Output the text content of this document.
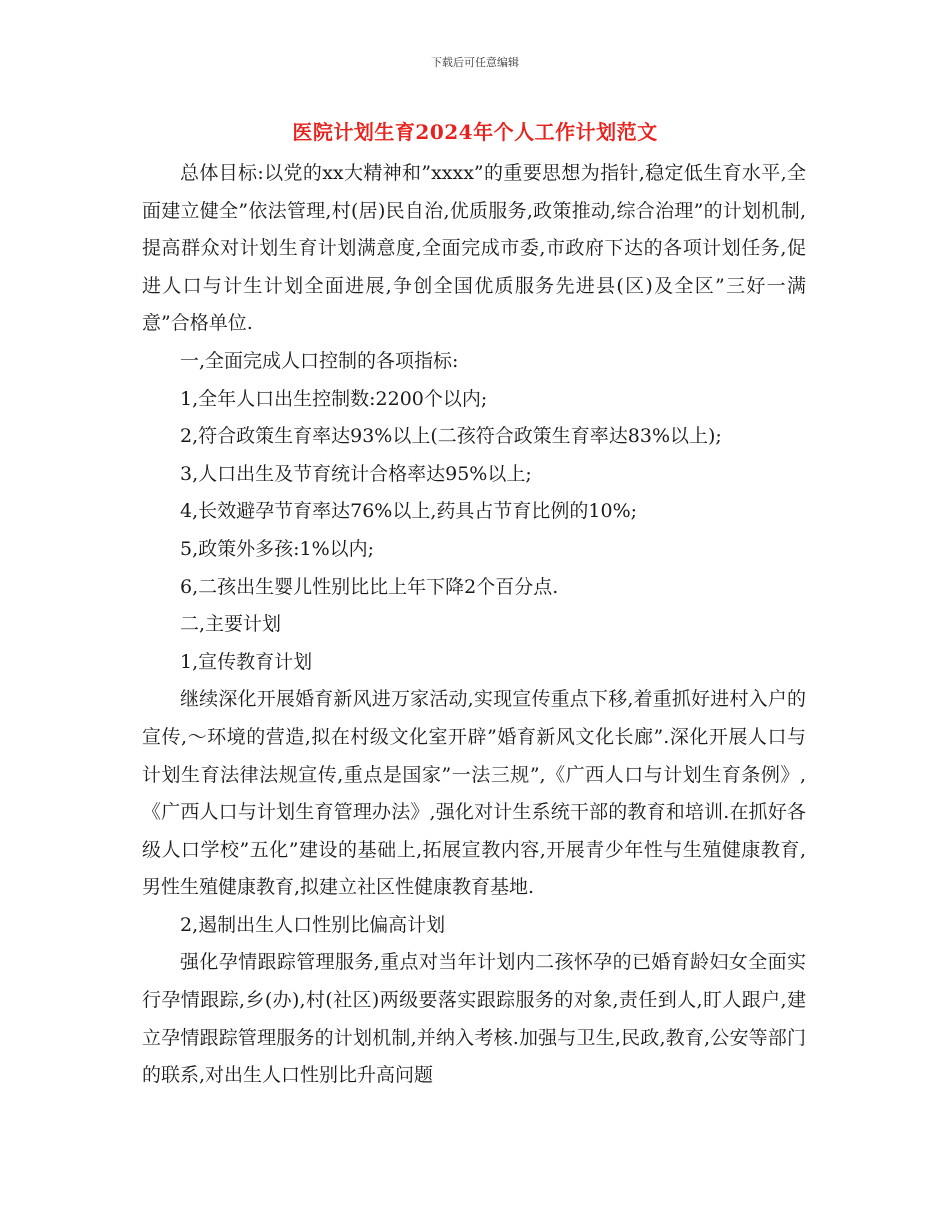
下载后可任意编辑
医院计划生育2024年个人工作计划范文

总体目标:以党的xx大精神和”xxxx”的重要思想为指针,稳定低生育水平,全面建立健全”依法管理,村(居)民自治,优质服务,政策推动,综合治理”的计划机制,提高群众对计划生育计划满意度,全面完成市委,市政府下达的各项计划任务,促进人口与计生计划全面进展,争创全国优质服务先进县(区)及全区”三好一满意”合格单位.

一,全面完成人口控制的各项指标:

1,全年人口出生控制数:2200个以内;

2,符合政策生育率达93%以上(二孩符合政策生育率达83%以上);

3,人口出生及节育统计合格率达95%以上;

4,长效避孕节育率达76%以上,药具占节育比例的10%;

5,政策外多孩:1%以内;

6,二孩出生婴儿性别比比上年下降2个百分点.

二,主要计划

1,宣传教育计划

继续深化开展婚育新风进万家活动,实现宣传重点下移,着重抓好进村入户的宣传,～环境的营造,拟在村级文化室开辟”婚育新风文化长廊”.深化开展人口与计划生育法律法规宣传,重点是国家”一法三规”,《广西人口与计划生育条例》,《广西人口与计划生育管理办法》,强化对计生系统干部的教育和培训.在抓好各级人口学校”五化”建设的基础上,拓展宣教内容,开展青少年性与生殖健康教育,男性生殖健康教育,拟建立社区性健康教育基地.

2,遏制出生人口性别比偏高计划

强化孕情跟踪管理服务,重点对当年计划内二孩怀孕的已婚育龄妇女全面实行孕情跟踪,乡(办),村(社区)两级要落实跟踪服务的对象,责任到人,盯人跟户,建立孕情跟踪管理服务的计划机制,并纳入考核.加强与卫生,民政,教育,公安等部门的联系,对出生人口性别比升高问题
